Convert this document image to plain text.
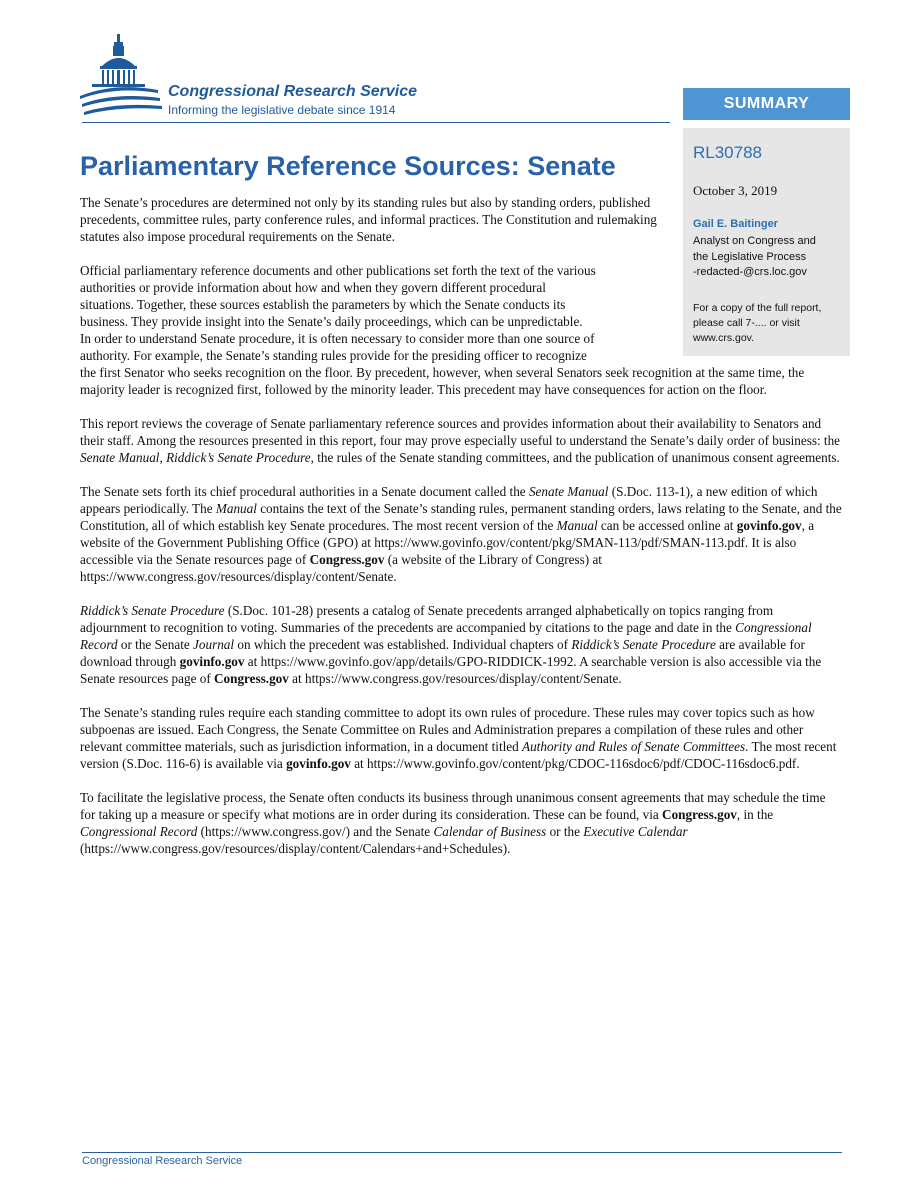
Congressional Research Service
Informing the legislative debate since 1914	SUMMARY
RL30788
October 3, 2019
Gail E. Baitinger
Analyst on Congress and
the Legislative Process
-redacted-@crs.loc.gov
For a copy of the full report,
please call 7-.... or visit
www.crs.gov.
Parliamentary Reference Sources: Senate

The Senate’s procedures are determined not only by its standing rules but also by standing orders, published precedents, committee rules, party conference rules, and informal practices. The Constitution and rulemaking statutes also impose procedural requirements on the Senate.

Official parliamentary reference documents and other publications set forth the text of the various
authorities or provide information about how and when they govern different procedural
situations. Together, these sources establish the parameters by which the Senate conducts its
business. They provide insight into the Senate’s daily proceedings, which can be unpredictable.
In order to understand Senate procedure, it is often necessary to consider more than one source of
authority. For example, the Senate’s standing rules provide for the presiding officer to recognize
the first Senator who seeks recognition on the floor. By precedent, however, when several Senators seek recognition at the same time, the majority leader is recognized first, followed by the minority leader. This precedent may have consequences for action on the floor.

This report reviews the coverage of Senate parliamentary reference sources and provides information about their availability to Senators and their staff. Among the resources presented in this report, four may prove especially useful to understand the Senate’s daily order of business: the Senate Manual, Riddick’s Senate Procedure, the rules of the Senate standing committees, and the publication of unanimous consent agreements.

The Senate sets forth its chief procedural authorities in a Senate document called the Senate Manual (S.Doc. 113-1), a new edition of which appears periodically. The Manual contains the text of the Senate’s standing rules, permanent standing orders, laws relating to the Senate, and the Constitution, all of which establish key Senate procedures. The most recent version of the Manual can be accessed online at govinfo.gov, a website of the Government Publishing Office (GPO) at https://www.govinfo.gov/content/pkg/SMAN-113/pdf/SMAN-113.pdf. It is also accessible via the Senate resources page of Congress.gov (a website of the Library of Congress) at https://www.congress.gov/resources/display/content/Senate.

Riddick’s Senate Procedure (S.Doc. 101-28) presents a catalog of Senate precedents arranged alphabetically on topics ranging from adjournment to recognition to voting. Summaries of the precedents are accompanied by citations to the page and date in the Congressional Record or the Senate Journal on which the precedent was established. Individual chapters of Riddick’s Senate Procedure are available for download through govinfo.gov at https://www.govinfo.gov/app/details/GPO-RIDDICK-1992. A searchable version is also accessible via the Senate resources page of Congress.gov at https://www.congress.gov/resources/display/content/Senate.

The Senate’s standing rules require each standing committee to adopt its own rules of procedure. These rules may cover topics such as how subpoenas are issued. Each Congress, the Senate Committee on Rules and Administration prepares a compilation of these rules and other relevant committee materials, such as jurisdiction information, in a document titled Authority and Rules of Senate Committees. The most recent version (S.Doc. 116-6) is available via govinfo.gov at https://www.govinfo.gov/content/pkg/CDOC-116sdoc6/pdf/CDOC-116sdoc6.pdf.

To facilitate the legislative process, the Senate often conducts its business through unanimous consent agreements that may schedule the time for taking up a measure or specify what motions are in order during its consideration. These can be found, via Congress.gov, in the Congressional Record (https://www.congress.gov/) and the Senate Calendar of Business or the Executive Calendar (https://www.congress.gov/resources/display/content/Calendars+and+Schedules).

Congressional Research Service
